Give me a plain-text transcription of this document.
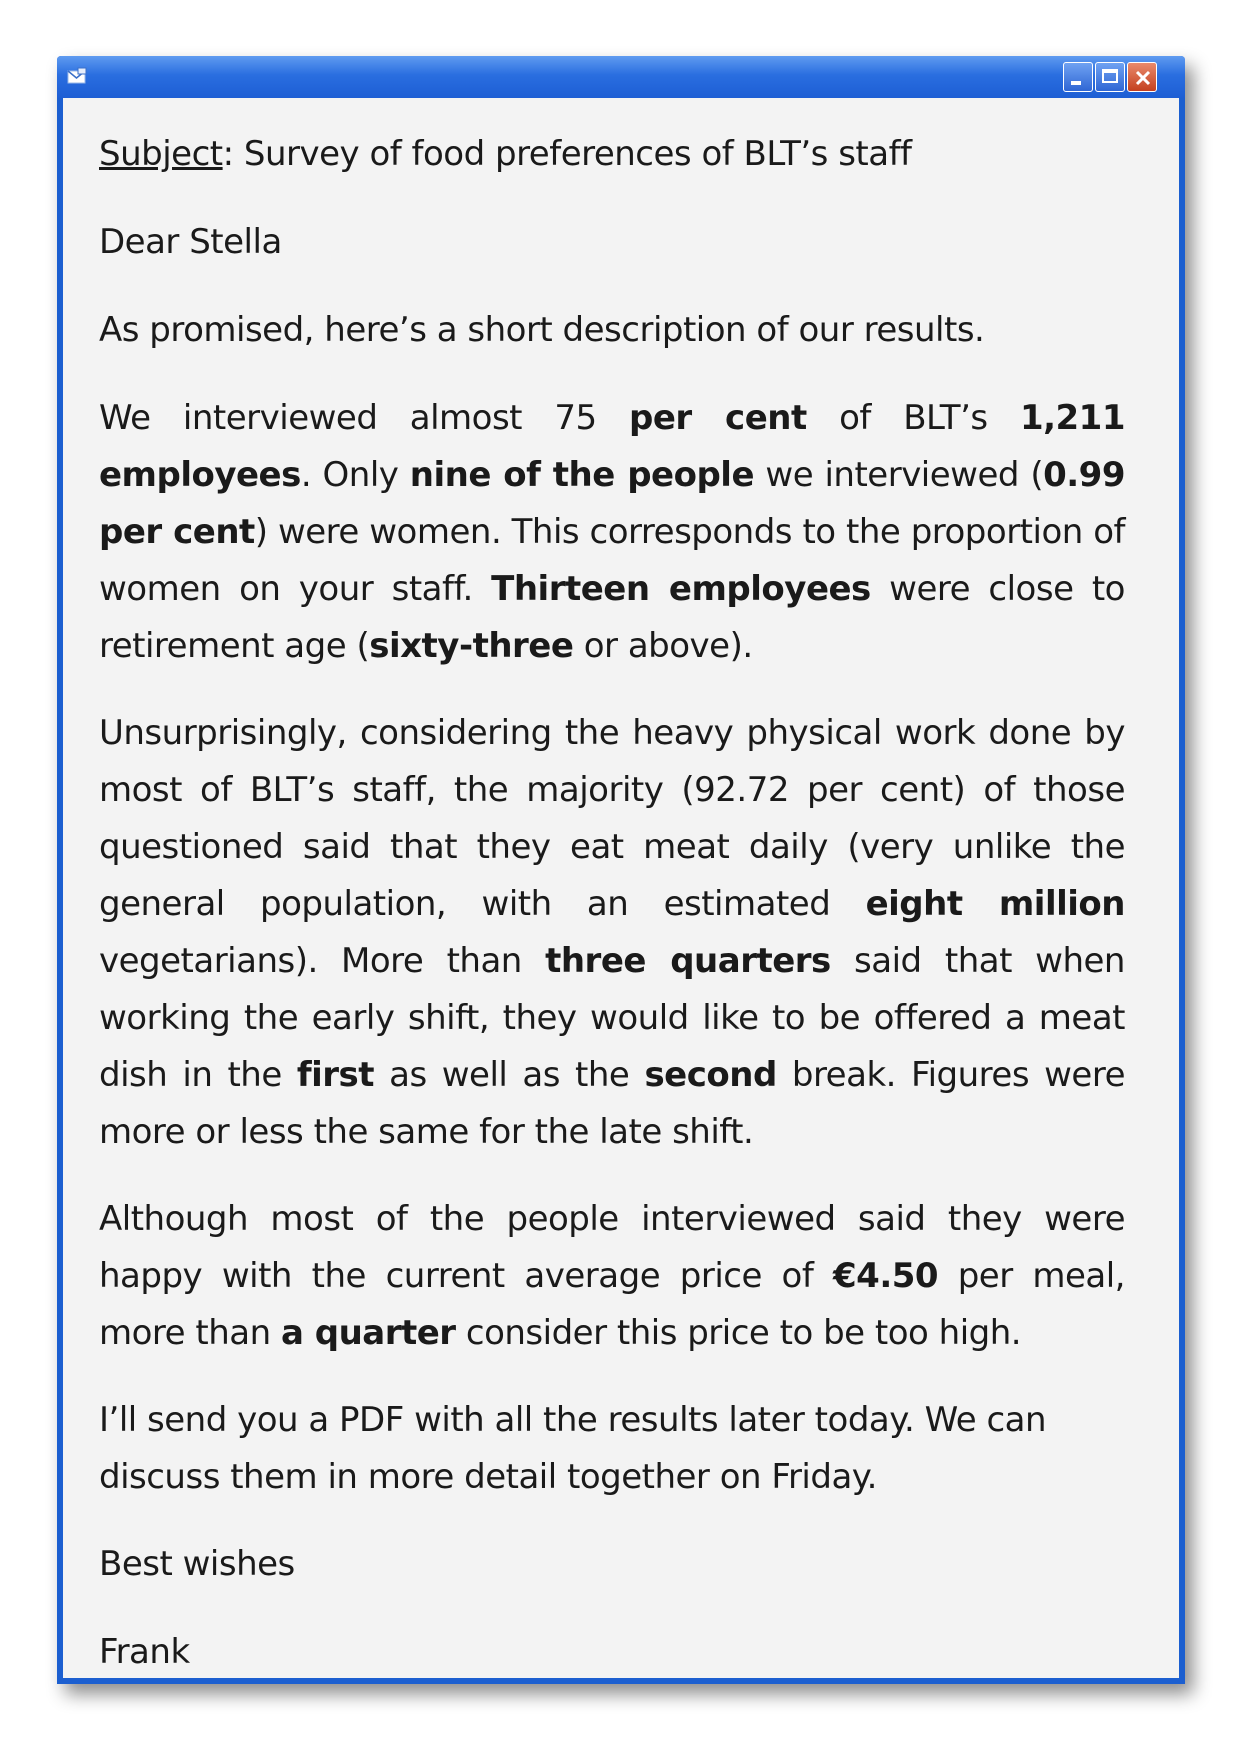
Subject: Survey of food preferences of BLT’s staff

Dear Stella

As promised, here’s a short description of our results.

We interviewed almost 75 per cent of BLT’s 1,211 employees. Only nine of the people we interviewed (0.99 per cent) were women. This corresponds to the proportion of women on your staff. Thirteen employees were close to retirement age (sixty-three or above).

Unsurprisingly, considering the heavy physical work done by most of BLT’s staff, the majority (92.72 per cent) of those questioned said that they eat meat daily (very unlike the general population, with an estimated eight million vegetarians). More than three quarters said that when working the early shift, they would like to be offered a meat dish in the first as well as the second break. Figures were more or less the same for the late shift.

Although most of the people interviewed said they were happy with the current average price of €4.50 per meal, more than a quarter consider this price to be too high.

I’ll send you a PDF with all the results later today. We can discuss them in more detail together on Friday.

Best wishes

Frank
